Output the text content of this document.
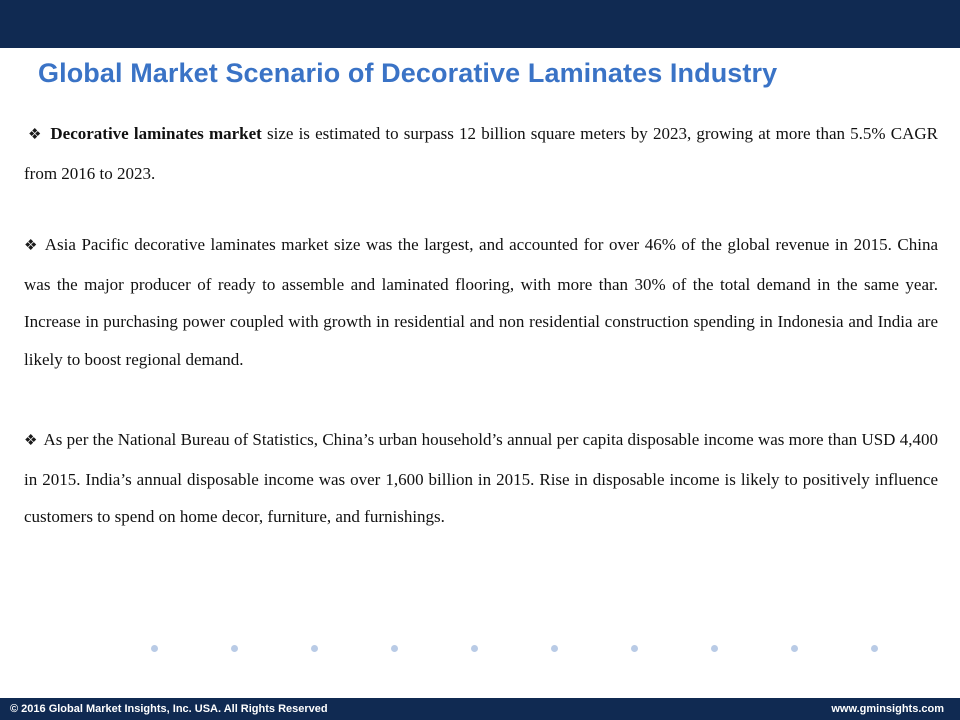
Global Market Scenario of Decorative Laminates Industry

❖ Decorative laminates market size is estimated to surpass 12 billion square meters by 2023, growing at more than 5.5% CAGR from 2016 to 2023.

❖ Asia Pacific decorative laminates market size was the largest, and accounted for over 46% of the global revenue in 2015. China was the major producer of ready to assemble and laminated flooring, with more than 30% of the total demand in the same year. Increase in purchasing power coupled with growth in residential and non residential construction spending in Indonesia and India are likely to boost regional demand.

❖ As per the National Bureau of Statistics, China’s urban household’s annual per capita disposable income was more than USD 4,400 in 2015. India’s annual disposable income was over 1,600 billion in 2015. Rise in disposable income is likely to positively influence customers to spend on home decor, furniture, and furnishings.

© 2016 Global Market Insights, Inc. USA. All Rights Reserved	www.gminsights.com
